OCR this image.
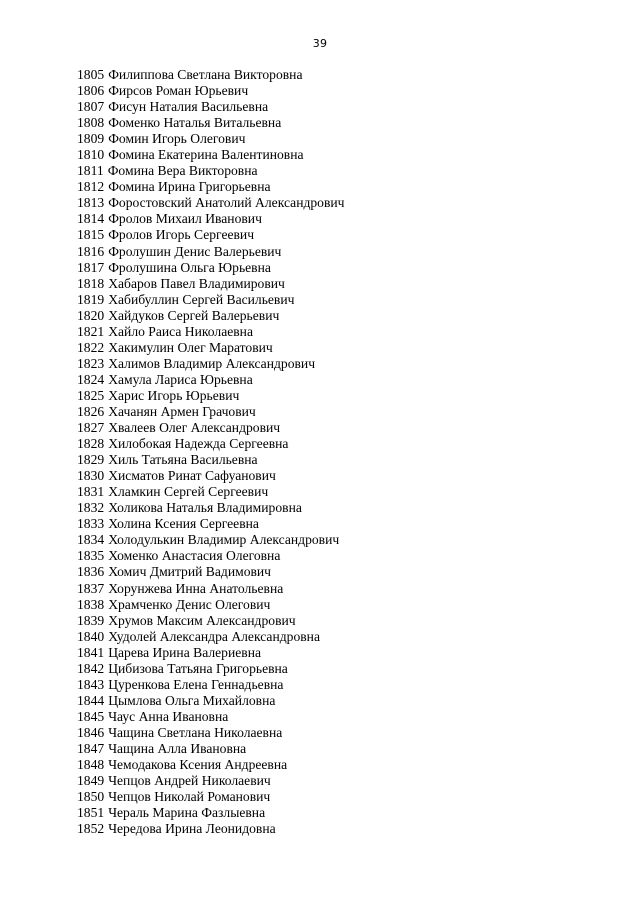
39
1805 Филиппова Светлана Викторовна
1806 Фирсов Роман Юрьевич
1807 Фисун Наталия Васильевна
1808 Фоменко Наталья Витальевна
1809 Фомин Игорь Олегович
1810 Фомина Екатерина Валентиновна
1811 Фомина Вера Викторовна
1812 Фомина Ирина Григорьевна
1813 Форостовский Анатолий Александрович
1814 Фролов Михаил Иванович
1815 Фролов Игорь Сергеевич
1816 Фролушин Денис Валерьевич
1817 Фролушина Ольга Юрьевна
1818 Хабаров Павел Владимирович
1819 Хабибуллин Сергей Васильевич
1820 Хайдуков Сергей Валерьевич
1821 Хайло Раиса Николаевна
1822 Хакимулин Олег Маратович
1823 Халимов Владимир Александрович
1824 Хамула Лариса Юрьевна
1825 Харис Игорь Юрьевич
1826 Хачанян Армен Грачович
1827 Хвалеев Олег Александрович
1828 Хилобокая Надежда Сергеевна
1829 Хиль Татьяна Васильевна
1830 Хисматов Ринат Сафуанович
1831 Хламкин Сергей Сергеевич
1832 Холикова Наталья Владимировна
1833 Холина Ксения Сергеевна
1834 Холодулькин Владимир Александрович
1835 Хоменко Анастасия Олеговна
1836 Хомич Дмитрий Вадимович
1837 Хорунжева Инна Анатольевна
1838 Храмченко Денис Олегович
1839 Хрумов Максим Александрович
1840 Худолей Александра Александровна
1841 Царева Ирина Валериевна
1842 Цибизова Татьяна Григорьевна
1843 Цуренкова Елена Геннадьевна
1844 Цымлова Ольга Михайловна
1845 Чаус Анна Ивановна
1846 Чащина Светлана Николаевна
1847 Чащина Алла Ивановна
1848 Чемодакова Ксения Андреевна
1849 Чепцов Андрей Николаевич
1850 Чепцов Николай Романович
1851 Чераль Марина Фазлыевна
1852 Чередова Ирина Леонидовна
